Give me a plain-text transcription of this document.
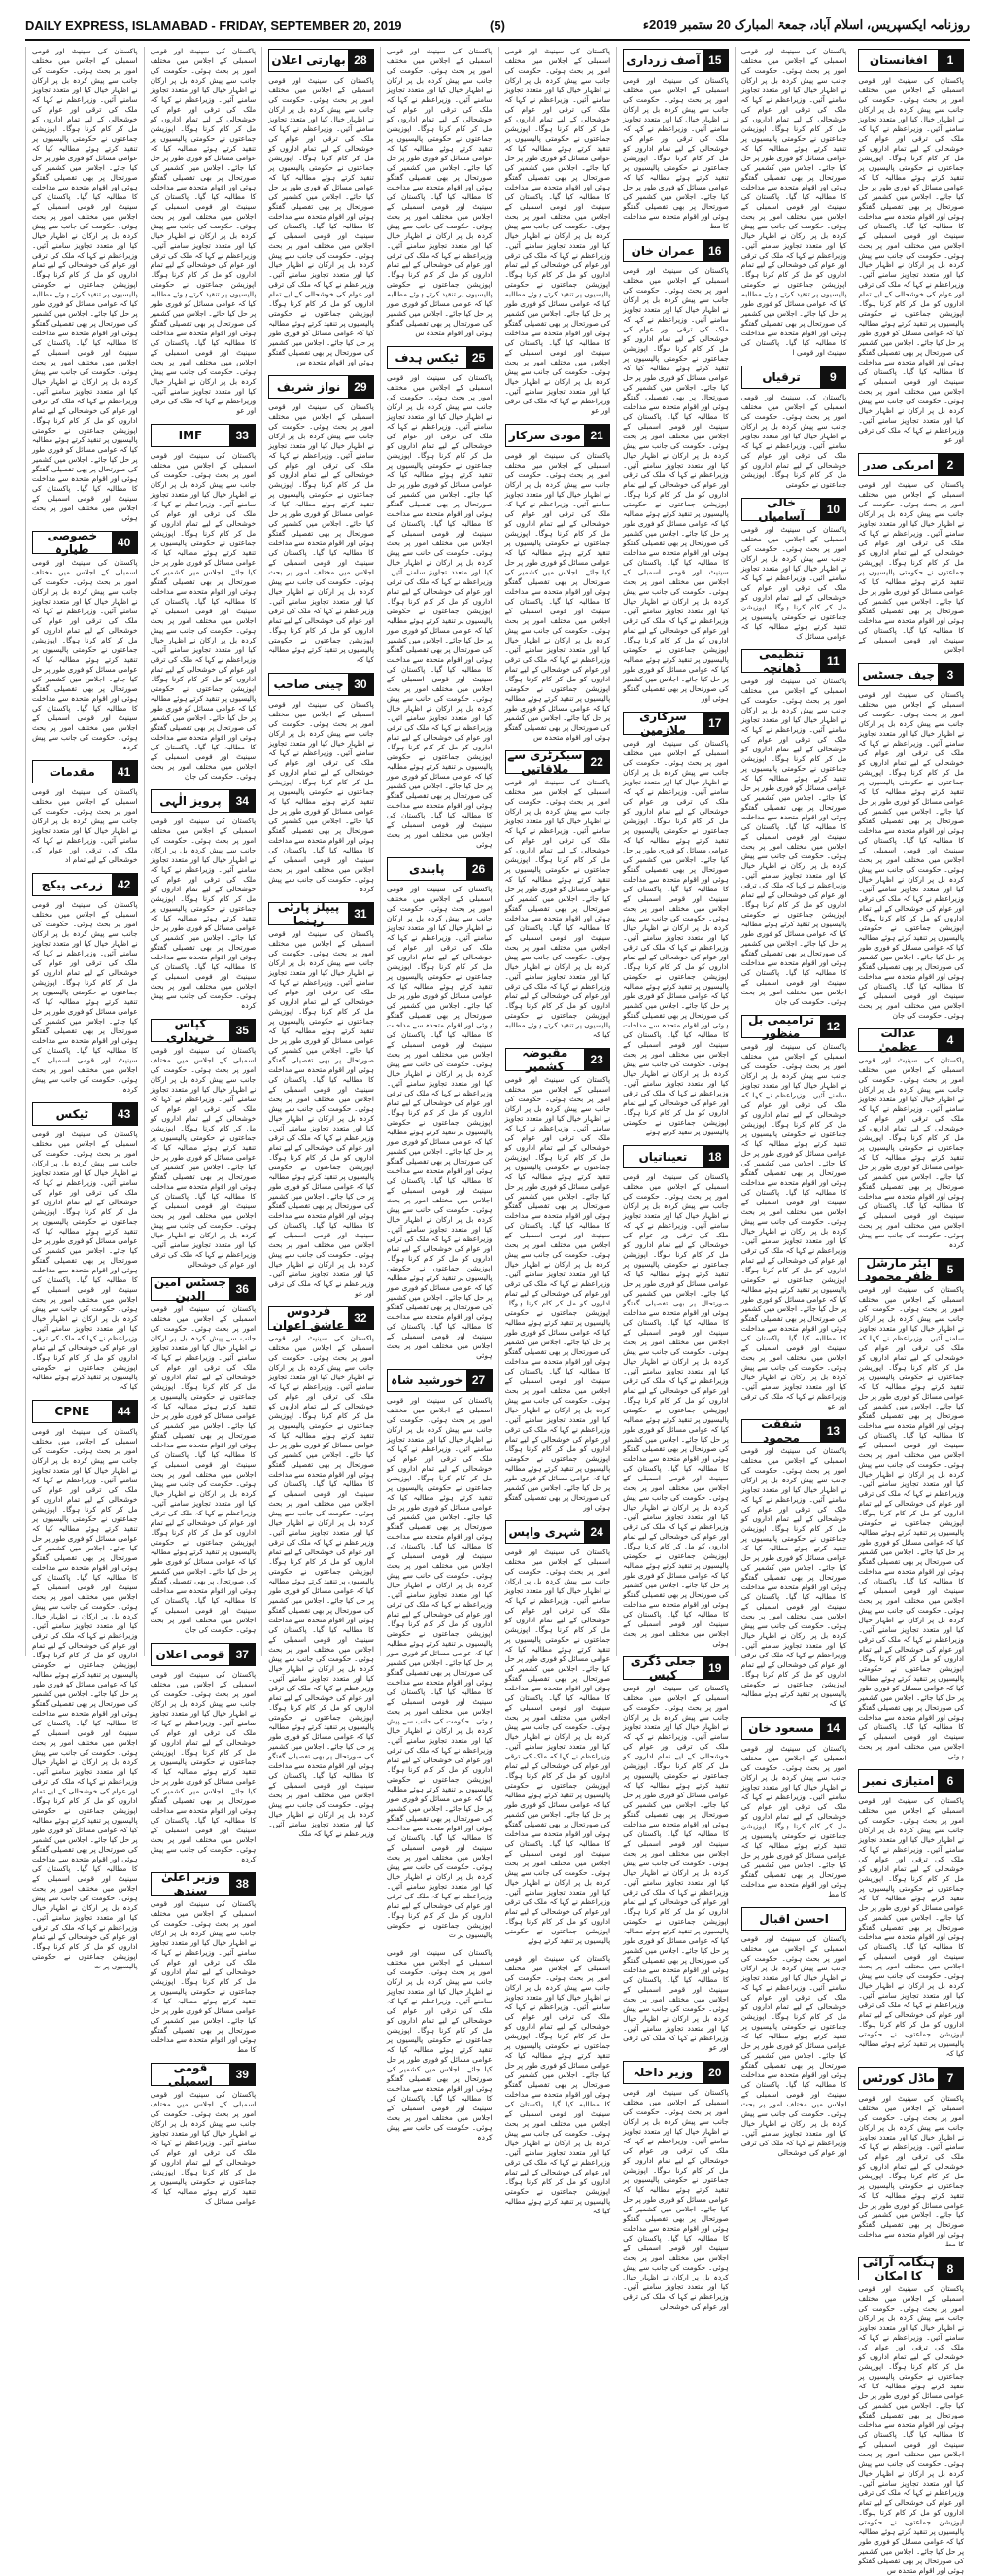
DAILY EXPRESS, ISLAMABAD - FRIDAY, SEPTEMBER 20, 2019	(5)	روزنامہ ایکسپریس، اسلام آباد، جمعۃ المبارک 20 ستمبر 2019ء
1
افغانستان
پاکستان کی سینیٹ اور قومی اسمبلی کے اجلاس میں مختلف امور پر بحث ہوئی۔ حکومت کی جانب سے پیش کردہ بل پر ارکان نے اظہار خیال کیا اور متعدد تجاویز سامنے آئیں۔ وزیراعظم نے کہا کہ ملک کی ترقی اور عوام کی خوشحالی کے لیے تمام اداروں کو مل کر کام کرنا ہوگا۔ اپوزیشن جماعتوں نے حکومتی پالیسیوں پر تنقید کرتے ہوئے مطالبہ کیا کہ عوامی مسائل کو فوری طور پر حل کیا جائے۔ اجلاس میں کشمیر کی صورتحال پر بھی تفصیلی گفتگو ہوئی اور اقوام متحدہ سے مداخلت کا مطالبہ کیا گیا۔ پاکستان کی سینیٹ اور قومی اسمبلی کے اجلاس میں مختلف امور پر بحث ہوئی۔ حکومت کی جانب سے پیش کردہ بل پر ارکان نے اظہار خیال کیا اور متعدد تجاویز سامنے آئیں۔ وزیراعظم نے کہا کہ ملک کی ترقی اور عوام کی خوشحالی کے لیے تمام اداروں کو مل کر کام کرنا ہوگا۔ اپوزیشن جماعتوں نے حکومتی پالیسیوں پر تنقید کرتے ہوئے مطالبہ کیا کہ عوامی مسائل کو فوری طور پر حل کیا جائے۔ اجلاس میں کشمیر کی صورتحال پر بھی تفصیلی گفتگو ہوئی اور اقوام متحدہ سے مداخلت کا مطالبہ کیا گیا۔ پاکستان کی سینیٹ اور قومی اسمبلی کے اجلاس میں مختلف امور پر بحث ہوئی۔ حکومت کی جانب سے پیش کردہ بل پر ارکان نے اظہار خیال کیا اور متعدد تجاویز سامنے آئیں۔ وزیراعظم نے کہا کہ ملک کی ترقی اور عو
2
امریکی صدر
پاکستان کی سینیٹ اور قومی اسمبلی کے اجلاس میں مختلف امور پر بحث ہوئی۔ حکومت کی جانب سے پیش کردہ بل پر ارکان نے اظہار خیال کیا اور متعدد تجاویز سامنے آئیں۔ وزیراعظم نے کہا کہ ملک کی ترقی اور عوام کی خوشحالی کے لیے تمام اداروں کو مل کر کام کرنا ہوگا۔ اپوزیشن جماعتوں نے حکومتی پالیسیوں پر تنقید کرتے ہوئے مطالبہ کیا کہ عوامی مسائل کو فوری طور پر حل کیا جائے۔ اجلاس میں کشمیر کی صورتحال پر بھی تفصیلی گفتگو ہوئی اور اقوام متحدہ سے مداخلت کا مطالبہ کیا گیا۔ پاکستان کی سینیٹ اور قومی اسمبلی کے اجلاس
3
چیف جسٹس
پاکستان کی سینیٹ اور قومی اسمبلی کے اجلاس میں مختلف امور پر بحث ہوئی۔ حکومت کی جانب سے پیش کردہ بل پر ارکان نے اظہار خیال کیا اور متعدد تجاویز سامنے آئیں۔ وزیراعظم نے کہا کہ ملک کی ترقی اور عوام کی خوشحالی کے لیے تمام اداروں کو مل کر کام کرنا ہوگا۔ اپوزیشن جماعتوں نے حکومتی پالیسیوں پر تنقید کرتے ہوئے مطالبہ کیا کہ عوامی مسائل کو فوری طور پر حل کیا جائے۔ اجلاس میں کشمیر کی صورتحال پر بھی تفصیلی گفتگو ہوئی اور اقوام متحدہ سے مداخلت کا مطالبہ کیا گیا۔ پاکستان کی سینیٹ اور قومی اسمبلی کے اجلاس میں مختلف امور پر بحث ہوئی۔ حکومت کی جانب سے پیش کردہ بل پر ارکان نے اظہار خیال کیا اور متعدد تجاویز سامنے آئیں۔ وزیراعظم نے کہا کہ ملک کی ترقی اور عوام کی خوشحالی کے لیے تمام اداروں کو مل کر کام کرنا ہوگا۔ اپوزیشن جماعتوں نے حکومتی پالیسیوں پر تنقید کرتے ہوئے مطالبہ کیا کہ عوامی مسائل کو فوری طور پر حل کیا جائے۔ اجلاس میں کشمیر کی صورتحال پر بھی تفصیلی گفتگو ہوئی اور اقوام متحدہ سے مداخلت کا مطالبہ کیا گیا۔ پاکستان کی سینیٹ اور قومی اسمبلی کے اجلاس میں مختلف امور پر بحث ہوئی۔ حکومت کی جان
4
عدالت عظمیٰ
پاکستان کی سینیٹ اور قومی اسمبلی کے اجلاس میں مختلف امور پر بحث ہوئی۔ حکومت کی جانب سے پیش کردہ بل پر ارکان نے اظہار خیال کیا اور متعدد تجاویز سامنے آئیں۔ وزیراعظم نے کہا کہ ملک کی ترقی اور عوام کی خوشحالی کے لیے تمام اداروں کو مل کر کام کرنا ہوگا۔ اپوزیشن جماعتوں نے حکومتی پالیسیوں پر تنقید کرتے ہوئے مطالبہ کیا کہ عوامی مسائل کو فوری طور پر حل کیا جائے۔ اجلاس میں کشمیر کی صورتحال پر بھی تفصیلی گفتگو ہوئی اور اقوام متحدہ سے مداخلت کا مطالبہ کیا گیا۔ پاکستان کی سینیٹ اور قومی اسمبلی کے اجلاس میں مختلف امور پر بحث ہوئی۔ حکومت کی جانب سے پیش کردہ
5
ایئر مارشل ظفر محمود
پاکستان کی سینیٹ اور قومی اسمبلی کے اجلاس میں مختلف امور پر بحث ہوئی۔ حکومت کی جانب سے پیش کردہ بل پر ارکان نے اظہار خیال کیا اور متعدد تجاویز سامنے آئیں۔ وزیراعظم نے کہا کہ ملک کی ترقی اور عوام کی خوشحالی کے لیے تمام اداروں کو مل کر کام کرنا ہوگا۔ اپوزیشن جماعتوں نے حکومتی پالیسیوں پر تنقید کرتے ہوئے مطالبہ کیا کہ عوامی مسائل کو فوری طور پر حل کیا جائے۔ اجلاس میں کشمیر کی صورتحال پر بھی تفصیلی گفتگو ہوئی اور اقوام متحدہ سے مداخلت کا مطالبہ کیا گیا۔ پاکستان کی سینیٹ اور قومی اسمبلی کے اجلاس میں مختلف امور پر بحث ہوئی۔ حکومت کی جانب سے پیش کردہ بل پر ارکان نے اظہار خیال کیا اور متعدد تجاویز سامنے آئیں۔ وزیراعظم نے کہا کہ ملک کی ترقی اور عوام کی خوشحالی کے لیے تمام اداروں کو مل کر کام کرنا ہوگا۔ اپوزیشن جماعتوں نے حکومتی پالیسیوں پر تنقید کرتے ہوئے مطالبہ کیا کہ عوامی مسائل کو فوری طور پر حل کیا جائے۔ اجلاس میں کشمیر کی صورتحال پر بھی تفصیلی گفتگو ہوئی اور اقوام متحدہ سے مداخلت کا مطالبہ کیا گیا۔ پاکستان کی سینیٹ اور قومی اسمبلی کے اجلاس میں مختلف امور پر بحث ہوئی۔ حکومت کی جانب سے پیش کردہ بل پر ارکان نے اظہار خیال کیا اور متعدد تجاویز سامنے آئیں۔ وزیراعظم نے کہا کہ ملک کی ترقی اور عوام کی خوشحالی کے لیے تمام اداروں کو مل کر کام کرنا ہوگا۔ اپوزیشن جماعتوں نے حکومتی پالیسیوں پر تنقید کرتے ہوئے مطالبہ کیا کہ عوامی مسائل کو فوری طور پر حل کیا جائے۔ اجلاس میں کشمیر کی صورتحال پر بھی تفصیلی گفتگو ہوئی اور اقوام متحدہ سے مداخلت کا مطالبہ کیا گیا۔ پاکستان کی سینیٹ اور قومی اسمبلی کے اجلاس میں مختلف امور پر بحث ہوئی
6
امتیازی نمبر
پاکستان کی سینیٹ اور قومی اسمبلی کے اجلاس میں مختلف امور پر بحث ہوئی۔ حکومت کی جانب سے پیش کردہ بل پر ارکان نے اظہار خیال کیا اور متعدد تجاویز سامنے آئیں۔ وزیراعظم نے کہا کہ ملک کی ترقی اور عوام کی خوشحالی کے لیے تمام اداروں کو مل کر کام کرنا ہوگا۔ اپوزیشن جماعتوں نے حکومتی پالیسیوں پر تنقید کرتے ہوئے مطالبہ کیا کہ عوامی مسائل کو فوری طور پر حل کیا جائے۔ اجلاس میں کشمیر کی صورتحال پر بھی تفصیلی گفتگو ہوئی اور اقوام متحدہ سے مداخلت کا مطالبہ کیا گیا۔ پاکستان کی سینیٹ اور قومی اسمبلی کے اجلاس میں مختلف امور پر بحث ہوئی۔ حکومت کی جانب سے پیش کردہ بل پر ارکان نے اظہار خیال کیا اور متعدد تجاویز سامنے آئیں۔ وزیراعظم نے کہا کہ ملک کی ترقی اور عوام کی خوشحالی کے لیے تمام اداروں کو مل کر کام کرنا ہوگا۔ اپوزیشن جماعتوں نے حکومتی پالیسیوں پر تنقید کرتے ہوئے مطالبہ کیا کہ
7
ماڈل کورٹس
پاکستان کی سینیٹ اور قومی اسمبلی کے اجلاس میں مختلف امور پر بحث ہوئی۔ حکومت کی جانب سے پیش کردہ بل پر ارکان نے اظہار خیال کیا اور متعدد تجاویز سامنے آئیں۔ وزیراعظم نے کہا کہ ملک کی ترقی اور عوام کی خوشحالی کے لیے تمام اداروں کو مل کر کام کرنا ہوگا۔ اپوزیشن جماعتوں نے حکومتی پالیسیوں پر تنقید کرتے ہوئے مطالبہ کیا کہ عوامی مسائل کو فوری طور پر حل کیا جائے۔ اجلاس میں کشمیر کی صورتحال پر بھی تفصیلی گفتگو ہوئی اور اقوام متحدہ سے مداخلت کا مط
8
ہنگامہ آرائی کا امکان
پاکستان کی سینیٹ اور قومی اسمبلی کے اجلاس میں مختلف امور پر بحث ہوئی۔ حکومت کی جانب سے پیش کردہ بل پر ارکان نے اظہار خیال کیا اور متعدد تجاویز سامنے آئیں۔ وزیراعظم نے کہا کہ ملک کی ترقی اور عوام کی خوشحالی کے لیے تمام اداروں کو مل کر کام کرنا ہوگا۔ اپوزیشن جماعتوں نے حکومتی پالیسیوں پر تنقید کرتے ہوئے مطالبہ کیا کہ عوامی مسائل کو فوری طور پر حل کیا جائے۔ اجلاس میں کشمیر کی صورتحال پر بھی تفصیلی گفتگو ہوئی اور اقوام متحدہ سے مداخلت کا مطالبہ کیا گیا۔ پاکستان کی سینیٹ اور قومی اسمبلی کے اجلاس میں مختلف امور پر بحث ہوئی۔ حکومت کی جانب سے پیش کردہ بل پر ارکان نے اظہار خیال کیا اور متعدد تجاویز سامنے آئیں۔ وزیراعظم نے کہا کہ ملک کی ترقی اور عوام کی خوشحالی کے لیے تمام اداروں کو مل کر کام کرنا ہوگا۔ اپوزیشن جماعتوں نے حکومتی پالیسیوں پر تنقید کرتے ہوئے مطالبہ کیا کہ عوامی مسائل کو فوری طور پر حل کیا جائے۔ اجلاس میں کشمیر کی صورتحال پر بھی تفصیلی گفتگو ہوئی اور اقوام متحدہ س
پاکستان کی سینیٹ اور قومی اسمبلی کے اجلاس میں مختلف امور پر بحث ہوئی۔ حکومت کی جانب سے پیش کردہ بل پر ارکان نے اظہار خیال کیا اور متعدد تجاویز سامنے آئیں۔ وزیراعظم نے کہا کہ ملک کی ترقی اور عوام کی خوشحالی کے لیے تمام اداروں کو مل کر کام کرنا ہوگا۔ اپوزیشن جماعتوں نے حکومتی پالیسیوں پر تنقید کرتے ہوئے مطالبہ کیا کہ عوامی مسائل کو فوری طور پر حل کیا جائے۔ اجلاس میں کشمیر کی صورتحال پر بھی تفصیلی گفتگو ہوئی اور اقوام متحدہ سے مداخلت کا مطالبہ کیا گیا۔ پاکستان کی سینیٹ اور قومی اسمبلی کے اجلاس میں مختلف امور پر بحث ہوئی۔ حکومت کی جانب سے پیش کردہ بل پر ارکان نے اظہار خیال کیا اور متعدد تجاویز سامنے آئیں۔ وزیراعظم نے کہا کہ ملک کی ترقی اور عوام کی خوشحالی کے لیے تمام اداروں کو مل کر کام کرنا ہوگا۔ اپوزیشن جماعتوں نے حکومتی پالیسیوں پر تنقید کرتے ہوئے مطالبہ کیا کہ عوامی مسائل کو فوری طور پر حل کیا جائے۔ اجلاس میں کشمیر کی صورتحال پر بھی تفصیلی گفتگو ہوئی اور اقوام متحدہ سے مداخلت کا مطالبہ کیا گیا۔ پاکستان کی سینیٹ اور قومی ا
9
ترقیاں
پاکستان کی سینیٹ اور قومی اسمبلی کے اجلاس میں مختلف امور پر بحث ہوئی۔ حکومت کی جانب سے پیش کردہ بل پر ارکان نے اظہار خیال کیا اور متعدد تجاویز سامنے آئیں۔ وزیراعظم نے کہا کہ ملک کی ترقی اور عوام کی خوشحالی کے لیے تمام اداروں کو مل کر کام کرنا ہوگا۔ اپوزیشن جماعتوں نے حکومتی
10
خالی آسامیاں
پاکستان کی سینیٹ اور قومی اسمبلی کے اجلاس میں مختلف امور پر بحث ہوئی۔ حکومت کی جانب سے پیش کردہ بل پر ارکان نے اظہار خیال کیا اور متعدد تجاویز سامنے آئیں۔ وزیراعظم نے کہا کہ ملک کی ترقی اور عوام کی خوشحالی کے لیے تمام اداروں کو مل کر کام کرنا ہوگا۔ اپوزیشن جماعتوں نے حکومتی پالیسیوں پر تنقید کرتے ہوئے مطالبہ کیا کہ عوامی مسائل ک
11
تنظیمی ڈھانچہ
پاکستان کی سینیٹ اور قومی اسمبلی کے اجلاس میں مختلف امور پر بحث ہوئی۔ حکومت کی جانب سے پیش کردہ بل پر ارکان نے اظہار خیال کیا اور متعدد تجاویز سامنے آئیں۔ وزیراعظم نے کہا کہ ملک کی ترقی اور عوام کی خوشحالی کے لیے تمام اداروں کو مل کر کام کرنا ہوگا۔ اپوزیشن جماعتوں نے حکومتی پالیسیوں پر تنقید کرتے ہوئے مطالبہ کیا کہ عوامی مسائل کو فوری طور پر حل کیا جائے۔ اجلاس میں کشمیر کی صورتحال پر بھی تفصیلی گفتگو ہوئی اور اقوام متحدہ سے مداخلت کا مطالبہ کیا گیا۔ پاکستان کی سینیٹ اور قومی اسمبلی کے اجلاس میں مختلف امور پر بحث ہوئی۔ حکومت کی جانب سے پیش کردہ بل پر ارکان نے اظہار خیال کیا اور متعدد تجاویز سامنے آئیں۔ وزیراعظم نے کہا کہ ملک کی ترقی اور عوام کی خوشحالی کے لیے تمام اداروں کو مل کر کام کرنا ہوگا۔ اپوزیشن جماعتوں نے حکومتی پالیسیوں پر تنقید کرتے ہوئے مطالبہ کیا کہ عوامی مسائل کو فوری طور پر حل کیا جائے۔ اجلاس میں کشمیر کی صورتحال پر بھی تفصیلی گفتگو ہوئی اور اقوام متحدہ سے مداخلت کا مطالبہ کیا گیا۔ پاکستان کی سینیٹ اور قومی اسمبلی کے اجلاس میں مختلف امور پر بحث ہوئی۔ حکومت کی جان
12
ترامیمی بل منظور
پاکستان کی سینیٹ اور قومی اسمبلی کے اجلاس میں مختلف امور پر بحث ہوئی۔ حکومت کی جانب سے پیش کردہ بل پر ارکان نے اظہار خیال کیا اور متعدد تجاویز سامنے آئیں۔ وزیراعظم نے کہا کہ ملک کی ترقی اور عوام کی خوشحالی کے لیے تمام اداروں کو مل کر کام کرنا ہوگا۔ اپوزیشن جماعتوں نے حکومتی پالیسیوں پر تنقید کرتے ہوئے مطالبہ کیا کہ عوامی مسائل کو فوری طور پر حل کیا جائے۔ اجلاس میں کشمیر کی صورتحال پر بھی تفصیلی گفتگو ہوئی اور اقوام متحدہ سے مداخلت کا مطالبہ کیا گیا۔ پاکستان کی سینیٹ اور قومی اسمبلی کے اجلاس میں مختلف امور پر بحث ہوئی۔ حکومت کی جانب سے پیش کردہ بل پر ارکان نے اظہار خیال کیا اور متعدد تجاویز سامنے آئیں۔ وزیراعظم نے کہا کہ ملک کی ترقی اور عوام کی خوشحالی کے لیے تمام اداروں کو مل کر کام کرنا ہوگا۔ اپوزیشن جماعتوں نے حکومتی پالیسیوں پر تنقید کرتے ہوئے مطالبہ کیا کہ عوامی مسائل کو فوری طور پر حل کیا جائے۔ اجلاس میں کشمیر کی صورتحال پر بھی تفصیلی گفتگو ہوئی اور اقوام متحدہ سے مداخلت کا مطالبہ کیا گیا۔ پاکستان کی سینیٹ اور قومی اسمبلی کے اجلاس میں مختلف امور پر بحث ہوئی۔ حکومت کی جانب سے پیش کردہ بل پر ارکان نے اظہار خیال کیا اور متعدد تجاویز سامنے آئیں۔ وزیراعظم نے کہا کہ ملک کی ترقی اور عو
13
شفقت محمود
پاکستان کی سینیٹ اور قومی اسمبلی کے اجلاس میں مختلف امور پر بحث ہوئی۔ حکومت کی جانب سے پیش کردہ بل پر ارکان نے اظہار خیال کیا اور متعدد تجاویز سامنے آئیں۔ وزیراعظم نے کہا کہ ملک کی ترقی اور عوام کی خوشحالی کے لیے تمام اداروں کو مل کر کام کرنا ہوگا۔ اپوزیشن جماعتوں نے حکومتی پالیسیوں پر تنقید کرتے ہوئے مطالبہ کیا کہ عوامی مسائل کو فوری طور پر حل کیا جائے۔ اجلاس میں کشمیر کی صورتحال پر بھی تفصیلی گفتگو ہوئی اور اقوام متحدہ سے مداخلت کا مطالبہ کیا گیا۔ پاکستان کی سینیٹ اور قومی اسمبلی کے اجلاس میں مختلف امور پر بحث ہوئی۔ حکومت کی جانب سے پیش کردہ بل پر ارکان نے اظہار خیال کیا اور متعدد تجاویز سامنے آئیں۔ وزیراعظم نے کہا کہ ملک کی ترقی اور عوام کی خوشحالی کے لیے تمام اداروں کو مل کر کام کرنا ہوگا۔ اپوزیشن جماعتوں نے حکومتی پالیسیوں پر تنقید کرتے ہوئے مطالبہ کیا کہ
14
مسعود خان
پاکستان کی سینیٹ اور قومی اسمبلی کے اجلاس میں مختلف امور پر بحث ہوئی۔ حکومت کی جانب سے پیش کردہ بل پر ارکان نے اظہار خیال کیا اور متعدد تجاویز سامنے آئیں۔ وزیراعظم نے کہا کہ ملک کی ترقی اور عوام کی خوشحالی کے لیے تمام اداروں کو مل کر کام کرنا ہوگا۔ اپوزیشن جماعتوں نے حکومتی پالیسیوں پر تنقید کرتے ہوئے مطالبہ کیا کہ عوامی مسائل کو فوری طور پر حل کیا جائے۔ اجلاس میں کشمیر کی صورتحال پر بھی تفصیلی گفتگو ہوئی اور اقوام متحدہ سے مداخلت کا مط
احسن اقبال
پاکستان کی سینیٹ اور قومی اسمبلی کے اجلاس میں مختلف امور پر بحث ہوئی۔ حکومت کی جانب سے پیش کردہ بل پر ارکان نے اظہار خیال کیا اور متعدد تجاویز سامنے آئیں۔ وزیراعظم نے کہا کہ ملک کی ترقی اور عوام کی خوشحالی کے لیے تمام اداروں کو مل کر کام کرنا ہوگا۔ اپوزیشن جماعتوں نے حکومتی پالیسیوں پر تنقید کرتے ہوئے مطالبہ کیا کہ عوامی مسائل کو فوری طور پر حل کیا جائے۔ اجلاس میں کشمیر کی صورتحال پر بھی تفصیلی گفتگو ہوئی اور اقوام متحدہ سے مداخلت کا مطالبہ کیا گیا۔ پاکستان کی سینیٹ اور قومی اسمبلی کے اجلاس میں مختلف امور پر بحث ہوئی۔ حکومت کی جانب سے پیش کردہ بل پر ارکان نے اظہار خیال کیا اور متعدد تجاویز سامنے آئیں۔ وزیراعظم نے کہا کہ ملک کی ترقی اور عوام کی خوشحالی
15
آصف زرداری
پاکستان کی سینیٹ اور قومی اسمبلی کے اجلاس میں مختلف امور پر بحث ہوئی۔ حکومت کی جانب سے پیش کردہ بل پر ارکان نے اظہار خیال کیا اور متعدد تجاویز سامنے آئیں۔ وزیراعظم نے کہا کہ ملک کی ترقی اور عوام کی خوشحالی کے لیے تمام اداروں کو مل کر کام کرنا ہوگا۔ اپوزیشن جماعتوں نے حکومتی پالیسیوں پر تنقید کرتے ہوئے مطالبہ کیا کہ عوامی مسائل کو فوری طور پر حل کیا جائے۔ اجلاس میں کشمیر کی صورتحال پر بھی تفصیلی گفتگو ہوئی اور اقوام متحدہ سے مداخلت کا مط
16
عمران خان
پاکستان کی سینیٹ اور قومی اسمبلی کے اجلاس میں مختلف امور پر بحث ہوئی۔ حکومت کی جانب سے پیش کردہ بل پر ارکان نے اظہار خیال کیا اور متعدد تجاویز سامنے آئیں۔ وزیراعظم نے کہا کہ ملک کی ترقی اور عوام کی خوشحالی کے لیے تمام اداروں کو مل کر کام کرنا ہوگا۔ اپوزیشن جماعتوں نے حکومتی پالیسیوں پر تنقید کرتے ہوئے مطالبہ کیا کہ عوامی مسائل کو فوری طور پر حل کیا جائے۔ اجلاس میں کشمیر کی صورتحال پر بھی تفصیلی گفتگو ہوئی اور اقوام متحدہ سے مداخلت کا مطالبہ کیا گیا۔ پاکستان کی سینیٹ اور قومی اسمبلی کے اجلاس میں مختلف امور پر بحث ہوئی۔ حکومت کی جانب سے پیش کردہ بل پر ارکان نے اظہار خیال کیا اور متعدد تجاویز سامنے آئیں۔ وزیراعظم نے کہا کہ ملک کی ترقی اور عوام کی خوشحالی کے لیے تمام اداروں کو مل کر کام کرنا ہوگا۔ اپوزیشن جماعتوں نے حکومتی پالیسیوں پر تنقید کرتے ہوئے مطالبہ کیا کہ عوامی مسائل کو فوری طور پر حل کیا جائے۔ اجلاس میں کشمیر کی صورتحال پر بھی تفصیلی گفتگو ہوئی اور اقوام متحدہ سے مداخلت کا مطالبہ کیا گیا۔ پاکستان کی سینیٹ اور قومی اسمبلی کے اجلاس میں مختلف امور پر بحث ہوئی۔ حکومت کی جانب سے پیش کردہ بل پر ارکان نے اظہار خیال کیا اور متعدد تجاویز سامنے آئیں۔ وزیراعظم نے کہا کہ ملک کی ترقی اور عوام کی خوشحالی کے لیے تمام اداروں کو مل کر کام کرنا ہوگا۔ اپوزیشن جماعتوں نے حکومتی پالیسیوں پر تنقید کرتے ہوئے مطالبہ کیا کہ عوامی مسائل کو فوری طور پر حل کیا جائے۔ اجلاس میں کشمیر کی صورتحال پر بھی تفصیلی گفتگو ہوئی اور
17
سرکاری ملازمین
پاکستان کی سینیٹ اور قومی اسمبلی کے اجلاس میں مختلف امور پر بحث ہوئی۔ حکومت کی جانب سے پیش کردہ بل پر ارکان نے اظہار خیال کیا اور متعدد تجاویز سامنے آئیں۔ وزیراعظم نے کہا کہ ملک کی ترقی اور عوام کی خوشحالی کے لیے تمام اداروں کو مل کر کام کرنا ہوگا۔ اپوزیشن جماعتوں نے حکومتی پالیسیوں پر تنقید کرتے ہوئے مطالبہ کیا کہ عوامی مسائل کو فوری طور پر حل کیا جائے۔ اجلاس میں کشمیر کی صورتحال پر بھی تفصیلی گفتگو ہوئی اور اقوام متحدہ سے مداخلت کا مطالبہ کیا گیا۔ پاکستان کی سینیٹ اور قومی اسمبلی کے اجلاس میں مختلف امور پر بحث ہوئی۔ حکومت کی جانب سے پیش کردہ بل پر ارکان نے اظہار خیال کیا اور متعدد تجاویز سامنے آئیں۔ وزیراعظم نے کہا کہ ملک کی ترقی اور عوام کی خوشحالی کے لیے تمام اداروں کو مل کر کام کرنا ہوگا۔ اپوزیشن جماعتوں نے حکومتی پالیسیوں پر تنقید کرتے ہوئے مطالبہ کیا کہ عوامی مسائل کو فوری طور پر حل کیا جائے۔ اجلاس میں کشمیر کی صورتحال پر بھی تفصیلی گفتگو ہوئی اور اقوام متحدہ سے مداخلت کا مطالبہ کیا گیا۔ پاکستان کی سینیٹ اور قومی اسمبلی کے اجلاس میں مختلف امور پر بحث ہوئی۔ حکومت کی جانب سے پیش کردہ بل پر ارکان نے اظہار خیال کیا اور متعدد تجاویز سامنے آئیں۔ وزیراعظم نے کہا کہ ملک کی ترقی اور عوام کی خوشحالی کے لیے تمام اداروں کو مل کر کام کرنا ہوگا۔ اپوزیشن جماعتوں نے حکومتی پالیسیوں پر تنقید کرتے ہوئے
18
تعیناتیاں
پاکستان کی سینیٹ اور قومی اسمبلی کے اجلاس میں مختلف امور پر بحث ہوئی۔ حکومت کی جانب سے پیش کردہ بل پر ارکان نے اظہار خیال کیا اور متعدد تجاویز سامنے آئیں۔ وزیراعظم نے کہا کہ ملک کی ترقی اور عوام کی خوشحالی کے لیے تمام اداروں کو مل کر کام کرنا ہوگا۔ اپوزیشن جماعتوں نے حکومتی پالیسیوں پر تنقید کرتے ہوئے مطالبہ کیا کہ عوامی مسائل کو فوری طور پر حل کیا جائے۔ اجلاس میں کشمیر کی صورتحال پر بھی تفصیلی گفتگو ہوئی اور اقوام متحدہ سے مداخلت کا مطالبہ کیا گیا۔ پاکستان کی سینیٹ اور قومی اسمبلی کے اجلاس میں مختلف امور پر بحث ہوئی۔ حکومت کی جانب سے پیش کردہ بل پر ارکان نے اظہار خیال کیا اور متعدد تجاویز سامنے آئیں۔ وزیراعظم نے کہا کہ ملک کی ترقی اور عوام کی خوشحالی کے لیے تمام اداروں کو مل کر کام کرنا ہوگا۔ اپوزیشن جماعتوں نے حکومتی پالیسیوں پر تنقید کرتے ہوئے مطالبہ کیا کہ عوامی مسائل کو فوری طور پر حل کیا جائے۔ اجلاس میں کشمیر کی صورتحال پر بھی تفصیلی گفتگو ہوئی اور اقوام متحدہ سے مداخلت کا مطالبہ کیا گیا۔ پاکستان کی سینیٹ اور قومی اسمبلی کے اجلاس میں مختلف امور پر بحث ہوئی۔ حکومت کی جانب سے پیش کردہ بل پر ارکان نے اظہار خیال کیا اور متعدد تجاویز سامنے آئیں۔ وزیراعظم نے کہا کہ ملک کی ترقی اور عوام کی خوشحالی کے لیے تمام اداروں کو مل کر کام کرنا ہوگا۔ اپوزیشن جماعتوں نے حکومتی پالیسیوں پر تنقید کرتے ہوئے مطالبہ کیا کہ عوامی مسائل کو فوری طور پر حل کیا جائے۔ اجلاس میں کشمیر کی صورتحال پر بھی تفصیلی گفتگو ہوئی اور اقوام متحدہ سے مداخلت کا مطالبہ کیا گیا۔ پاکستان کی سینیٹ اور قومی اسمبلی کے اجلاس میں مختلف امور پر بحث ہوئی
19
جعلی ڈگری کیس
پاکستان کی سینیٹ اور قومی اسمبلی کے اجلاس میں مختلف امور پر بحث ہوئی۔ حکومت کی جانب سے پیش کردہ بل پر ارکان نے اظہار خیال کیا اور متعدد تجاویز سامنے آئیں۔ وزیراعظم نے کہا کہ ملک کی ترقی اور عوام کی خوشحالی کے لیے تمام اداروں کو مل کر کام کرنا ہوگا۔ اپوزیشن جماعتوں نے حکومتی پالیسیوں پر تنقید کرتے ہوئے مطالبہ کیا کہ عوامی مسائل کو فوری طور پر حل کیا جائے۔ اجلاس میں کشمیر کی صورتحال پر بھی تفصیلی گفتگو ہوئی اور اقوام متحدہ سے مداخلت کا مطالبہ کیا گیا۔ پاکستان کی سینیٹ اور قومی اسمبلی کے اجلاس میں مختلف امور پر بحث ہوئی۔ حکومت کی جانب سے پیش کردہ بل پر ارکان نے اظہار خیال کیا اور متعدد تجاویز سامنے آئیں۔ وزیراعظم نے کہا کہ ملک کی ترقی اور عوام کی خوشحالی کے لیے تمام اداروں کو مل کر کام کرنا ہوگا۔ اپوزیشن جماعتوں نے حکومتی پالیسیوں پر تنقید کرتے ہوئے مطالبہ کیا کہ عوامی مسائل کو فوری طور پر حل کیا جائے۔ اجلاس میں کشمیر کی صورتحال پر بھی تفصیلی گفتگو ہوئی اور اقوام متحدہ سے مداخلت کا مطالبہ کیا گیا۔ پاکستان کی سینیٹ اور قومی اسمبلی کے اجلاس میں مختلف امور پر بحث ہوئی۔ حکومت کی جانب سے پیش کردہ بل پر ارکان نے اظہار خیال کیا اور متعدد تجاویز سامنے آئیں۔ وزیراعظم نے کہا کہ ملک کی ترقی اور عو
20
وزیر داخلہ
پاکستان کی سینیٹ اور قومی اسمبلی کے اجلاس میں مختلف امور پر بحث ہوئی۔ حکومت کی جانب سے پیش کردہ بل پر ارکان نے اظہار خیال کیا اور متعدد تجاویز سامنے آئیں۔ وزیراعظم نے کہا کہ ملک کی ترقی اور عوام کی خوشحالی کے لیے تمام اداروں کو مل کر کام کرنا ہوگا۔ اپوزیشن جماعتوں نے حکومتی پالیسیوں پر تنقید کرتے ہوئے مطالبہ کیا کہ عوامی مسائل کو فوری طور پر حل کیا جائے۔ اجلاس میں کشمیر کی صورتحال پر بھی تفصیلی گفتگو ہوئی اور اقوام متحدہ سے مداخلت کا مطالبہ کیا گیا۔ پاکستان کی سینیٹ اور قومی اسمبلی کے اجلاس میں مختلف امور پر بحث ہوئی۔ حکومت کی جانب سے پیش کردہ بل پر ارکان نے اظہار خیال کیا اور متعدد تجاویز سامنے آئیں۔ وزیراعظم نے کہا کہ ملک کی ترقی اور عوام کی خوشحالی
پاکستان کی سینیٹ اور قومی اسمبلی کے اجلاس میں مختلف امور پر بحث ہوئی۔ حکومت کی جانب سے پیش کردہ بل پر ارکان نے اظہار خیال کیا اور متعدد تجاویز سامنے آئیں۔ وزیراعظم نے کہا کہ ملک کی ترقی اور عوام کی خوشحالی کے لیے تمام اداروں کو مل کر کام کرنا ہوگا۔ اپوزیشن جماعتوں نے حکومتی پالیسیوں پر تنقید کرتے ہوئے مطالبہ کیا کہ عوامی مسائل کو فوری طور پر حل کیا جائے۔ اجلاس میں کشمیر کی صورتحال پر بھی تفصیلی گفتگو ہوئی اور اقوام متحدہ سے مداخلت کا مطالبہ کیا گیا۔ پاکستان کی سینیٹ اور قومی اسمبلی کے اجلاس میں مختلف امور پر بحث ہوئی۔ حکومت کی جانب سے پیش کردہ بل پر ارکان نے اظہار خیال کیا اور متعدد تجاویز سامنے آئیں۔ وزیراعظم نے کہا کہ ملک کی ترقی اور عوام کی خوشحالی کے لیے تمام اداروں کو مل کر کام کرنا ہوگا۔ اپوزیشن جماعتوں نے حکومتی پالیسیوں پر تنقید کرتے ہوئے مطالبہ کیا کہ عوامی مسائل کو فوری طور پر حل کیا جائے۔ اجلاس میں کشمیر کی صورتحال پر بھی تفصیلی گفتگو ہوئی اور اقوام متحدہ سے مداخلت کا مطالبہ کیا گیا۔ پاکستان کی سینیٹ اور قومی اسمبلی کے اجلاس میں مختلف امور پر بحث ہوئی۔ حکومت کی جانب سے پیش کردہ بل پر ارکان نے اظہار خیال کیا اور متعدد تجاویز سامنے آئیں۔ وزیراعظم نے کہا کہ ملک کی ترقی اور عو
21
مودی سرکار
پاکستان کی سینیٹ اور قومی اسمبلی کے اجلاس میں مختلف امور پر بحث ہوئی۔ حکومت کی جانب سے پیش کردہ بل پر ارکان نے اظہار خیال کیا اور متعدد تجاویز سامنے آئیں۔ وزیراعظم نے کہا کہ ملک کی ترقی اور عوام کی خوشحالی کے لیے تمام اداروں کو مل کر کام کرنا ہوگا۔ اپوزیشن جماعتوں نے حکومتی پالیسیوں پر تنقید کرتے ہوئے مطالبہ کیا کہ عوامی مسائل کو فوری طور پر حل کیا جائے۔ اجلاس میں کشمیر کی صورتحال پر بھی تفصیلی گفتگو ہوئی اور اقوام متحدہ سے مداخلت کا مطالبہ کیا گیا۔ پاکستان کی سینیٹ اور قومی اسمبلی کے اجلاس میں مختلف امور پر بحث ہوئی۔ حکومت کی جانب سے پیش کردہ بل پر ارکان نے اظہار خیال کیا اور متعدد تجاویز سامنے آئیں۔ وزیراعظم نے کہا کہ ملک کی ترقی اور عوام کی خوشحالی کے لیے تمام اداروں کو مل کر کام کرنا ہوگا۔ اپوزیشن جماعتوں نے حکومتی پالیسیوں پر تنقید کرتے ہوئے مطالبہ کیا کہ عوامی مسائل کو فوری طور پر حل کیا جائے۔ اجلاس میں کشمیر کی صورتحال پر بھی تفصیلی گفتگو ہوئی اور اقوام متحدہ س
22
سیکرٹری سے ملاقاتیں
پاکستان کی سینیٹ اور قومی اسمبلی کے اجلاس میں مختلف امور پر بحث ہوئی۔ حکومت کی جانب سے پیش کردہ بل پر ارکان نے اظہار خیال کیا اور متعدد تجاویز سامنے آئیں۔ وزیراعظم نے کہا کہ ملک کی ترقی اور عوام کی خوشحالی کے لیے تمام اداروں کو مل کر کام کرنا ہوگا۔ اپوزیشن جماعتوں نے حکومتی پالیسیوں پر تنقید کرتے ہوئے مطالبہ کیا کہ عوامی مسائل کو فوری طور پر حل کیا جائے۔ اجلاس میں کشمیر کی صورتحال پر بھی تفصیلی گفتگو ہوئی اور اقوام متحدہ سے مداخلت کا مطالبہ کیا گیا۔ پاکستان کی سینیٹ اور قومی اسمبلی کے اجلاس میں مختلف امور پر بحث ہوئی۔ حکومت کی جانب سے پیش کردہ بل پر ارکان نے اظہار خیال کیا اور متعدد تجاویز سامنے آئیں۔ وزیراعظم نے کہا کہ ملک کی ترقی اور عوام کی خوشحالی کے لیے تمام اداروں کو مل کر کام کرنا ہوگا۔ اپوزیشن جماعتوں نے حکومتی پالیسیوں پر تنقید کرتے ہوئے مطالبہ کیا کہ
23
مقبوضہ کشمیر
پاکستان کی سینیٹ اور قومی اسمبلی کے اجلاس میں مختلف امور پر بحث ہوئی۔ حکومت کی جانب سے پیش کردہ بل پر ارکان نے اظہار خیال کیا اور متعدد تجاویز سامنے آئیں۔ وزیراعظم نے کہا کہ ملک کی ترقی اور عوام کی خوشحالی کے لیے تمام اداروں کو مل کر کام کرنا ہوگا۔ اپوزیشن جماعتوں نے حکومتی پالیسیوں پر تنقید کرتے ہوئے مطالبہ کیا کہ عوامی مسائل کو فوری طور پر حل کیا جائے۔ اجلاس میں کشمیر کی صورتحال پر بھی تفصیلی گفتگو ہوئی اور اقوام متحدہ سے مداخلت کا مطالبہ کیا گیا۔ پاکستان کی سینیٹ اور قومی اسمبلی کے اجلاس میں مختلف امور پر بحث ہوئی۔ حکومت کی جانب سے پیش کردہ بل پر ارکان نے اظہار خیال کیا اور متعدد تجاویز سامنے آئیں۔ وزیراعظم نے کہا کہ ملک کی ترقی اور عوام کی خوشحالی کے لیے تمام اداروں کو مل کر کام کرنا ہوگا۔ اپوزیشن جماعتوں نے حکومتی پالیسیوں پر تنقید کرتے ہوئے مطالبہ کیا کہ عوامی مسائل کو فوری طور پر حل کیا جائے۔ اجلاس میں کشمیر کی صورتحال پر بھی تفصیلی گفتگو ہوئی اور اقوام متحدہ سے مداخلت کا مطالبہ کیا گیا۔ پاکستان کی سینیٹ اور قومی اسمبلی کے اجلاس میں مختلف امور پر بحث ہوئی۔ حکومت کی جانب سے پیش کردہ بل پر ارکان نے اظہار خیال کیا اور متعدد تجاویز سامنے آئیں۔ وزیراعظم نے کہا کہ ملک کی ترقی اور عوام کی خوشحالی کے لیے تمام اداروں کو مل کر کام کرنا ہوگا۔ اپوزیشن جماعتوں نے حکومتی پالیسیوں پر تنقید کرتے ہوئے مطالبہ کیا کہ عوامی مسائل کو فوری طور پر حل کیا جائے۔ اجلاس میں کشمیر کی صورتحال پر بھی تفصیلی گفتگو ہوئی اور
24
شہری واپس
پاکستان کی سینیٹ اور قومی اسمبلی کے اجلاس میں مختلف امور پر بحث ہوئی۔ حکومت کی جانب سے پیش کردہ بل پر ارکان نے اظہار خیال کیا اور متعدد تجاویز سامنے آئیں۔ وزیراعظم نے کہا کہ ملک کی ترقی اور عوام کی خوشحالی کے لیے تمام اداروں کو مل کر کام کرنا ہوگا۔ اپوزیشن جماعتوں نے حکومتی پالیسیوں پر تنقید کرتے ہوئے مطالبہ کیا کہ عوامی مسائل کو فوری طور پر حل کیا جائے۔ اجلاس میں کشمیر کی صورتحال پر بھی تفصیلی گفتگو ہوئی اور اقوام متحدہ سے مداخلت کا مطالبہ کیا گیا۔ پاکستان کی سینیٹ اور قومی اسمبلی کے اجلاس میں مختلف امور پر بحث ہوئی۔ حکومت کی جانب سے پیش کردہ بل پر ارکان نے اظہار خیال کیا اور متعدد تجاویز سامنے آئیں۔ وزیراعظم نے کہا کہ ملک کی ترقی اور عوام کی خوشحالی کے لیے تمام اداروں کو مل کر کام کرنا ہوگا۔ اپوزیشن جماعتوں نے حکومتی پالیسیوں پر تنقید کرتے ہوئے مطالبہ کیا کہ عوامی مسائل کو فوری طور پر حل کیا جائے۔ اجلاس میں کشمیر کی صورتحال پر بھی تفصیلی گفتگو ہوئی اور اقوام متحدہ سے مداخلت کا مطالبہ کیا گیا۔ پاکستان کی سینیٹ اور قومی اسمبلی کے اجلاس میں مختلف امور پر بحث ہوئی۔ حکومت کی جانب سے پیش کردہ بل پر ارکان نے اظہار خیال کیا اور متعدد تجاویز سامنے آئیں۔ وزیراعظم نے کہا کہ ملک کی ترقی اور عوام کی خوشحالی کے لیے تمام اداروں کو مل کر کام کرنا ہوگا۔ اپوزیشن جماعتوں نے حکومتی پالیسیوں پر تنقید کرتے ہوئے
پاکستان کی سینیٹ اور قومی اسمبلی کے اجلاس میں مختلف امور پر بحث ہوئی۔ حکومت کی جانب سے پیش کردہ بل پر ارکان نے اظہار خیال کیا اور متعدد تجاویز سامنے آئیں۔ وزیراعظم نے کہا کہ ملک کی ترقی اور عوام کی خوشحالی کے لیے تمام اداروں کو مل کر کام کرنا ہوگا۔ اپوزیشن جماعتوں نے حکومتی پالیسیوں پر تنقید کرتے ہوئے مطالبہ کیا کہ عوامی مسائل کو فوری طور پر حل کیا جائے۔ اجلاس میں کشمیر کی صورتحال پر بھی تفصیلی گفتگو ہوئی اور اقوام متحدہ سے مداخلت کا مطالبہ کیا گیا۔ پاکستان کی سینیٹ اور قومی اسمبلی کے اجلاس میں مختلف امور پر بحث ہوئی۔ حکومت کی جانب سے پیش کردہ بل پر ارکان نے اظہار خیال کیا اور متعدد تجاویز سامنے آئیں۔ وزیراعظم نے کہا کہ ملک کی ترقی اور عوام کی خوشحالی کے لیے تمام اداروں کو مل کر کام کرنا ہوگا۔ اپوزیشن جماعتوں نے حکومتی پالیسیوں پر تنقید کرتے ہوئے مطالبہ کیا کہ
پاکستان کی سینیٹ اور قومی اسمبلی کے اجلاس میں مختلف امور پر بحث ہوئی۔ حکومت کی جانب سے پیش کردہ بل پر ارکان نے اظہار خیال کیا اور متعدد تجاویز سامنے آئیں۔ وزیراعظم نے کہا کہ ملک کی ترقی اور عوام کی خوشحالی کے لیے تمام اداروں کو مل کر کام کرنا ہوگا۔ اپوزیشن جماعتوں نے حکومتی پالیسیوں پر تنقید کرتے ہوئے مطالبہ کیا کہ عوامی مسائل کو فوری طور پر حل کیا جائے۔ اجلاس میں کشمیر کی صورتحال پر بھی تفصیلی گفتگو ہوئی اور اقوام متحدہ سے مداخلت کا مطالبہ کیا گیا۔ پاکستان کی سینیٹ اور قومی اسمبلی کے اجلاس میں مختلف امور پر بحث ہوئی۔ حکومت کی جانب سے پیش کردہ بل پر ارکان نے اظہار خیال کیا اور متعدد تجاویز سامنے آئیں۔ وزیراعظم نے کہا کہ ملک کی ترقی اور عوام کی خوشحالی کے لیے تمام اداروں کو مل کر کام کرنا ہوگا۔ اپوزیشن جماعتوں نے حکومتی پالیسیوں پر تنقید کرتے ہوئے مطالبہ کیا کہ عوامی مسائل کو فوری طور پر حل کیا جائے۔ اجلاس میں کشمیر کی صورتحال پر بھی تفصیلی گفتگو ہوئی اور اقوام متحدہ س
25
ٹیکس ہدف
پاکستان کی سینیٹ اور قومی اسمبلی کے اجلاس میں مختلف امور پر بحث ہوئی۔ حکومت کی جانب سے پیش کردہ بل پر ارکان نے اظہار خیال کیا اور متعدد تجاویز سامنے آئیں۔ وزیراعظم نے کہا کہ ملک کی ترقی اور عوام کی خوشحالی کے لیے تمام اداروں کو مل کر کام کرنا ہوگا۔ اپوزیشن جماعتوں نے حکومتی پالیسیوں پر تنقید کرتے ہوئے مطالبہ کیا کہ عوامی مسائل کو فوری طور پر حل کیا جائے۔ اجلاس میں کشمیر کی صورتحال پر بھی تفصیلی گفتگو ہوئی اور اقوام متحدہ سے مداخلت کا مطالبہ کیا گیا۔ پاکستان کی سینیٹ اور قومی اسمبلی کے اجلاس میں مختلف امور پر بحث ہوئی۔ حکومت کی جانب سے پیش کردہ بل پر ارکان نے اظہار خیال کیا اور متعدد تجاویز سامنے آئیں۔ وزیراعظم نے کہا کہ ملک کی ترقی اور عوام کی خوشحالی کے لیے تمام اداروں کو مل کر کام کرنا ہوگا۔ اپوزیشن جماعتوں نے حکومتی پالیسیوں پر تنقید کرتے ہوئے مطالبہ کیا کہ عوامی مسائل کو فوری طور پر حل کیا جائے۔ اجلاس میں کشمیر کی صورتحال پر بھی تفصیلی گفتگو ہوئی اور اقوام متحدہ سے مداخلت کا مطالبہ کیا گیا۔ پاکستان کی سینیٹ اور قومی اسمبلی کے اجلاس میں مختلف امور پر بحث ہوئی۔ حکومت کی جانب سے پیش کردہ بل پر ارکان نے اظہار خیال کیا اور متعدد تجاویز سامنے آئیں۔ وزیراعظم نے کہا کہ ملک کی ترقی اور عوام کی خوشحالی کے لیے تمام اداروں کو مل کر کام کرنا ہوگا۔ اپوزیشن جماعتوں نے حکومتی پالیسیوں پر تنقید کرتے ہوئے مطالبہ کیا کہ عوامی مسائل کو فوری طور پر حل کیا جائے۔ اجلاس میں کشمیر کی صورتحال پر بھی تفصیلی گفتگو ہوئی اور اقوام متحدہ سے مداخلت کا مطالبہ کیا گیا۔ پاکستان کی سینیٹ اور قومی اسمبلی کے اجلاس میں مختلف امور پر بحث ہوئی
26
پابندی
پاکستان کی سینیٹ اور قومی اسمبلی کے اجلاس میں مختلف امور پر بحث ہوئی۔ حکومت کی جانب سے پیش کردہ بل پر ارکان نے اظہار خیال کیا اور متعدد تجاویز سامنے آئیں۔ وزیراعظم نے کہا کہ ملک کی ترقی اور عوام کی خوشحالی کے لیے تمام اداروں کو مل کر کام کرنا ہوگا۔ اپوزیشن جماعتوں نے حکومتی پالیسیوں پر تنقید کرتے ہوئے مطالبہ کیا کہ عوامی مسائل کو فوری طور پر حل کیا جائے۔ اجلاس میں کشمیر کی صورتحال پر بھی تفصیلی گفتگو ہوئی اور اقوام متحدہ سے مداخلت کا مطالبہ کیا گیا۔ پاکستان کی سینیٹ اور قومی اسمبلی کے اجلاس میں مختلف امور پر بحث ہوئی۔ حکومت کی جانب سے پیش کردہ بل پر ارکان نے اظہار خیال کیا اور متعدد تجاویز سامنے آئیں۔ وزیراعظم نے کہا کہ ملک کی ترقی اور عوام کی خوشحالی کے لیے تمام اداروں کو مل کر کام کرنا ہوگا۔ اپوزیشن جماعتوں نے حکومتی پالیسیوں پر تنقید کرتے ہوئے مطالبہ کیا کہ عوامی مسائل کو فوری طور پر حل کیا جائے۔ اجلاس میں کشمیر کی صورتحال پر بھی تفصیلی گفتگو ہوئی اور اقوام متحدہ سے مداخلت کا مطالبہ کیا گیا۔ پاکستان کی سینیٹ اور قومی اسمبلی کے اجلاس میں مختلف امور پر بحث ہوئی۔ حکومت کی جانب سے پیش کردہ بل پر ارکان نے اظہار خیال کیا اور متعدد تجاویز سامنے آئیں۔ وزیراعظم نے کہا کہ ملک کی ترقی اور عوام کی خوشحالی کے لیے تمام اداروں کو مل کر کام کرنا ہوگا۔ اپوزیشن جماعتوں نے حکومتی پالیسیوں پر تنقید کرتے ہوئے مطالبہ کیا کہ عوامی مسائل کو فوری طور پر حل کیا جائے۔ اجلاس میں کشمیر کی صورتحال پر بھی تفصیلی گفتگو ہوئی اور اقوام متحدہ سے مداخلت کا مطالبہ کیا گیا۔ پاکستان کی سینیٹ اور قومی اسمبلی کے اجلاس میں مختلف امور پر بحث ہوئی
27
خورشید شاہ
پاکستان کی سینیٹ اور قومی اسمبلی کے اجلاس میں مختلف امور پر بحث ہوئی۔ حکومت کی جانب سے پیش کردہ بل پر ارکان نے اظہار خیال کیا اور متعدد تجاویز سامنے آئیں۔ وزیراعظم نے کہا کہ ملک کی ترقی اور عوام کی خوشحالی کے لیے تمام اداروں کو مل کر کام کرنا ہوگا۔ اپوزیشن جماعتوں نے حکومتی پالیسیوں پر تنقید کرتے ہوئے مطالبہ کیا کہ عوامی مسائل کو فوری طور پر حل کیا جائے۔ اجلاس میں کشمیر کی صورتحال پر بھی تفصیلی گفتگو ہوئی اور اقوام متحدہ سے مداخلت کا مطالبہ کیا گیا۔ پاکستان کی سینیٹ اور قومی اسمبلی کے اجلاس میں مختلف امور پر بحث ہوئی۔ حکومت کی جانب سے پیش کردہ بل پر ارکان نے اظہار خیال کیا اور متعدد تجاویز سامنے آئیں۔ وزیراعظم نے کہا کہ ملک کی ترقی اور عوام کی خوشحالی کے لیے تمام اداروں کو مل کر کام کرنا ہوگا۔ اپوزیشن جماعتوں نے حکومتی پالیسیوں پر تنقید کرتے ہوئے مطالبہ کیا کہ عوامی مسائل کو فوری طور پر حل کیا جائے۔ اجلاس میں کشمیر کی صورتحال پر بھی تفصیلی گفتگو ہوئی اور اقوام متحدہ سے مداخلت کا مطالبہ کیا گیا۔ پاکستان کی سینیٹ اور قومی اسمبلی کے اجلاس میں مختلف امور پر بحث ہوئی۔ حکومت کی جانب سے پیش کردہ بل پر ارکان نے اظہار خیال کیا اور متعدد تجاویز سامنے آئیں۔ وزیراعظم نے کہا کہ ملک کی ترقی اور عوام کی خوشحالی کے لیے تمام اداروں کو مل کر کام کرنا ہوگا۔ اپوزیشن جماعتوں نے حکومتی پالیسیوں پر تنقید کرتے ہوئے مطالبہ کیا کہ عوامی مسائل کو فوری طور پر حل کیا جائے۔ اجلاس میں کشمیر کی صورتحال پر بھی تفصیلی گفتگو ہوئی اور اقوام متحدہ سے مداخلت کا مطالبہ کیا گیا۔ پاکستان کی سینیٹ اور قومی اسمبلی کے اجلاس میں مختلف امور پر بحث ہوئی۔ حکومت کی جانب سے پیش کردہ بل پر ارکان نے اظہار خیال کیا اور متعدد تجاویز سامنے آئیں۔ وزیراعظم نے کہا کہ ملک کی ترقی اور عوام کی خوشحالی کے لیے تمام اداروں کو مل کر کام کرنا ہوگا۔ اپوزیشن جماعتوں نے حکومتی پالیسیوں پر ت
پاکستان کی سینیٹ اور قومی اسمبلی کے اجلاس میں مختلف امور پر بحث ہوئی۔ حکومت کی جانب سے پیش کردہ بل پر ارکان نے اظہار خیال کیا اور متعدد تجاویز سامنے آئیں۔ وزیراعظم نے کہا کہ ملک کی ترقی اور عوام کی خوشحالی کے لیے تمام اداروں کو مل کر کام کرنا ہوگا۔ اپوزیشن جماعتوں نے حکومتی پالیسیوں پر تنقید کرتے ہوئے مطالبہ کیا کہ عوامی مسائل کو فوری طور پر حل کیا جائے۔ اجلاس میں کشمیر کی صورتحال پر بھی تفصیلی گفتگو ہوئی اور اقوام متحدہ سے مداخلت کا مطالبہ کیا گیا۔ پاکستان کی سینیٹ اور قومی اسمبلی کے اجلاس میں مختلف امور پر بحث ہوئی۔ حکومت کی جانب سے پیش کردہ
28
بھارتی اعلان
پاکستان کی سینیٹ اور قومی اسمبلی کے اجلاس میں مختلف امور پر بحث ہوئی۔ حکومت کی جانب سے پیش کردہ بل پر ارکان نے اظہار خیال کیا اور متعدد تجاویز سامنے آئیں۔ وزیراعظم نے کہا کہ ملک کی ترقی اور عوام کی خوشحالی کے لیے تمام اداروں کو مل کر کام کرنا ہوگا۔ اپوزیشن جماعتوں نے حکومتی پالیسیوں پر تنقید کرتے ہوئے مطالبہ کیا کہ عوامی مسائل کو فوری طور پر حل کیا جائے۔ اجلاس میں کشمیر کی صورتحال پر بھی تفصیلی گفتگو ہوئی اور اقوام متحدہ سے مداخلت کا مطالبہ کیا گیا۔ پاکستان کی سینیٹ اور قومی اسمبلی کے اجلاس میں مختلف امور پر بحث ہوئی۔ حکومت کی جانب سے پیش کردہ بل پر ارکان نے اظہار خیال کیا اور متعدد تجاویز سامنے آئیں۔ وزیراعظم نے کہا کہ ملک کی ترقی اور عوام کی خوشحالی کے لیے تمام اداروں کو مل کر کام کرنا ہوگا۔ اپوزیشن جماعتوں نے حکومتی پالیسیوں پر تنقید کرتے ہوئے مطالبہ کیا کہ عوامی مسائل کو فوری طور پر حل کیا جائے۔ اجلاس میں کشمیر کی صورتحال پر بھی تفصیلی گفتگو ہوئی اور اقوام متحدہ س
29
نواز شریف
پاکستان کی سینیٹ اور قومی اسمبلی کے اجلاس میں مختلف امور پر بحث ہوئی۔ حکومت کی جانب سے پیش کردہ بل پر ارکان نے اظہار خیال کیا اور متعدد تجاویز سامنے آئیں۔ وزیراعظم نے کہا کہ ملک کی ترقی اور عوام کی خوشحالی کے لیے تمام اداروں کو مل کر کام کرنا ہوگا۔ اپوزیشن جماعتوں نے حکومتی پالیسیوں پر تنقید کرتے ہوئے مطالبہ کیا کہ عوامی مسائل کو فوری طور پر حل کیا جائے۔ اجلاس میں کشمیر کی صورتحال پر بھی تفصیلی گفتگو ہوئی اور اقوام متحدہ سے مداخلت کا مطالبہ کیا گیا۔ پاکستان کی سینیٹ اور قومی اسمبلی کے اجلاس میں مختلف امور پر بحث ہوئی۔ حکومت کی جانب سے پیش کردہ بل پر ارکان نے اظہار خیال کیا اور متعدد تجاویز سامنے آئیں۔ وزیراعظم نے کہا کہ ملک کی ترقی اور عوام کی خوشحالی کے لیے تمام اداروں کو مل کر کام کرنا ہوگا۔ اپوزیشن جماعتوں نے حکومتی پالیسیوں پر تنقید کرتے ہوئے مطالبہ کیا کہ
30
چینی صاحب
پاکستان کی سینیٹ اور قومی اسمبلی کے اجلاس میں مختلف امور پر بحث ہوئی۔ حکومت کی جانب سے پیش کردہ بل پر ارکان نے اظہار خیال کیا اور متعدد تجاویز سامنے آئیں۔ وزیراعظم نے کہا کہ ملک کی ترقی اور عوام کی خوشحالی کے لیے تمام اداروں کو مل کر کام کرنا ہوگا۔ اپوزیشن جماعتوں نے حکومتی پالیسیوں پر تنقید کرتے ہوئے مطالبہ کیا کہ عوامی مسائل کو فوری طور پر حل کیا جائے۔ اجلاس میں کشمیر کی صورتحال پر بھی تفصیلی گفتگو ہوئی اور اقوام متحدہ سے مداخلت کا مطالبہ کیا گیا۔ پاکستان کی سینیٹ اور قومی اسمبلی کے اجلاس میں مختلف امور پر بحث ہوئی۔ حکومت کی جانب سے پیش کردہ
31
پیپلز پارٹی رہنما
پاکستان کی سینیٹ اور قومی اسمبلی کے اجلاس میں مختلف امور پر بحث ہوئی۔ حکومت کی جانب سے پیش کردہ بل پر ارکان نے اظہار خیال کیا اور متعدد تجاویز سامنے آئیں۔ وزیراعظم نے کہا کہ ملک کی ترقی اور عوام کی خوشحالی کے لیے تمام اداروں کو مل کر کام کرنا ہوگا۔ اپوزیشن جماعتوں نے حکومتی پالیسیوں پر تنقید کرتے ہوئے مطالبہ کیا کہ عوامی مسائل کو فوری طور پر حل کیا جائے۔ اجلاس میں کشمیر کی صورتحال پر بھی تفصیلی گفتگو ہوئی اور اقوام متحدہ سے مداخلت کا مطالبہ کیا گیا۔ پاکستان کی سینیٹ اور قومی اسمبلی کے اجلاس میں مختلف امور پر بحث ہوئی۔ حکومت کی جانب سے پیش کردہ بل پر ارکان نے اظہار خیال کیا اور متعدد تجاویز سامنے آئیں۔ وزیراعظم نے کہا کہ ملک کی ترقی اور عوام کی خوشحالی کے لیے تمام اداروں کو مل کر کام کرنا ہوگا۔ اپوزیشن جماعتوں نے حکومتی پالیسیوں پر تنقید کرتے ہوئے مطالبہ کیا کہ عوامی مسائل کو فوری طور پر حل کیا جائے۔ اجلاس میں کشمیر کی صورتحال پر بھی تفصیلی گفتگو ہوئی اور اقوام متحدہ سے مداخلت کا مطالبہ کیا گیا۔ پاکستان کی سینیٹ اور قومی اسمبلی کے اجلاس میں مختلف امور پر بحث ہوئی۔ حکومت کی جانب سے پیش کردہ بل پر ارکان نے اظہار خیال کیا اور متعدد تجاویز سامنے آئیں۔ وزیراعظم نے کہا کہ ملک کی ترقی اور عو
32
فردوس عاشق اعوان
پاکستان کی سینیٹ اور قومی اسمبلی کے اجلاس میں مختلف امور پر بحث ہوئی۔ حکومت کی جانب سے پیش کردہ بل پر ارکان نے اظہار خیال کیا اور متعدد تجاویز سامنے آئیں۔ وزیراعظم نے کہا کہ ملک کی ترقی اور عوام کی خوشحالی کے لیے تمام اداروں کو مل کر کام کرنا ہوگا۔ اپوزیشن جماعتوں نے حکومتی پالیسیوں پر تنقید کرتے ہوئے مطالبہ کیا کہ عوامی مسائل کو فوری طور پر حل کیا جائے۔ اجلاس میں کشمیر کی صورتحال پر بھی تفصیلی گفتگو ہوئی اور اقوام متحدہ سے مداخلت کا مطالبہ کیا گیا۔ پاکستان کی سینیٹ اور قومی اسمبلی کے اجلاس میں مختلف امور پر بحث ہوئی۔ حکومت کی جانب سے پیش کردہ بل پر ارکان نے اظہار خیال کیا اور متعدد تجاویز سامنے آئیں۔ وزیراعظم نے کہا کہ ملک کی ترقی اور عوام کی خوشحالی کے لیے تمام اداروں کو مل کر کام کرنا ہوگا۔ اپوزیشن جماعتوں نے حکومتی پالیسیوں پر تنقید کرتے ہوئے مطالبہ کیا کہ عوامی مسائل کو فوری طور پر حل کیا جائے۔ اجلاس میں کشمیر کی صورتحال پر بھی تفصیلی گفتگو ہوئی اور اقوام متحدہ سے مداخلت کا مطالبہ کیا گیا۔ پاکستان کی سینیٹ اور قومی اسمبلی کے اجلاس میں مختلف امور پر بحث ہوئی۔ حکومت کی جانب سے پیش کردہ بل پر ارکان نے اظہار خیال کیا اور متعدد تجاویز سامنے آئیں۔ وزیراعظم نے کہا کہ ملک کی ترقی اور عوام کی خوشحالی کے لیے تمام اداروں کو مل کر کام کرنا ہوگا۔ اپوزیشن جماعتوں نے حکومتی پالیسیوں پر تنقید کرتے ہوئے مطالبہ کیا کہ عوامی مسائل کو فوری طور پر حل کیا جائے۔ اجلاس میں کشمیر کی صورتحال پر بھی تفصیلی گفتگو ہوئی اور اقوام متحدہ سے مداخلت کا مطالبہ کیا گیا۔ پاکستان کی سینیٹ اور قومی اسمبلی کے اجلاس میں مختلف امور پر بحث ہوئی۔ حکومت کی جانب سے پیش کردہ بل پر ارکان نے اظہار خیال کیا اور متعدد تجاویز سامنے آئیں۔ وزیراعظم نے کہا کہ ملک
پاکستان کی سینیٹ اور قومی اسمبلی کے اجلاس میں مختلف امور پر بحث ہوئی۔ حکومت کی جانب سے پیش کردہ بل پر ارکان نے اظہار خیال کیا اور متعدد تجاویز سامنے آئیں۔ وزیراعظم نے کہا کہ ملک کی ترقی اور عوام کی خوشحالی کے لیے تمام اداروں کو مل کر کام کرنا ہوگا۔ اپوزیشن جماعتوں نے حکومتی پالیسیوں پر تنقید کرتے ہوئے مطالبہ کیا کہ عوامی مسائل کو فوری طور پر حل کیا جائے۔ اجلاس میں کشمیر کی صورتحال پر بھی تفصیلی گفتگو ہوئی اور اقوام متحدہ سے مداخلت کا مطالبہ کیا گیا۔ پاکستان کی سینیٹ اور قومی اسمبلی کے اجلاس میں مختلف امور پر بحث ہوئی۔ حکومت کی جانب سے پیش کردہ بل پر ارکان نے اظہار خیال کیا اور متعدد تجاویز سامنے آئیں۔ وزیراعظم نے کہا کہ ملک کی ترقی اور عوام کی خوشحالی کے لیے تمام اداروں کو مل کر کام کرنا ہوگا۔ اپوزیشن جماعتوں نے حکومتی پالیسیوں پر تنقید کرتے ہوئے مطالبہ کیا کہ عوامی مسائل کو فوری طور پر حل کیا جائے۔ اجلاس میں کشمیر کی صورتحال پر بھی تفصیلی گفتگو ہوئی اور اقوام متحدہ سے مداخلت کا مطالبہ کیا گیا۔ پاکستان کی سینیٹ اور قومی اسمبلی کے اجلاس میں مختلف امور پر بحث ہوئی۔ حکومت کی جانب سے پیش کردہ بل پر ارکان نے اظہار خیال کیا اور متعدد تجاویز سامنے آئیں۔ وزیراعظم نے کہا کہ ملک کی ترقی اور عو
33
IMF
پاکستان کی سینیٹ اور قومی اسمبلی کے اجلاس میں مختلف امور پر بحث ہوئی۔ حکومت کی جانب سے پیش کردہ بل پر ارکان نے اظہار خیال کیا اور متعدد تجاویز سامنے آئیں۔ وزیراعظم نے کہا کہ ملک کی ترقی اور عوام کی خوشحالی کے لیے تمام اداروں کو مل کر کام کرنا ہوگا۔ اپوزیشن جماعتوں نے حکومتی پالیسیوں پر تنقید کرتے ہوئے مطالبہ کیا کہ عوامی مسائل کو فوری طور پر حل کیا جائے۔ اجلاس میں کشمیر کی صورتحال پر بھی تفصیلی گفتگو ہوئی اور اقوام متحدہ سے مداخلت کا مطالبہ کیا گیا۔ پاکستان کی سینیٹ اور قومی اسمبلی کے اجلاس میں مختلف امور پر بحث ہوئی۔ حکومت کی جانب سے پیش کردہ بل پر ارکان نے اظہار خیال کیا اور متعدد تجاویز سامنے آئیں۔ وزیراعظم نے کہا کہ ملک کی ترقی اور عوام کی خوشحالی کے لیے تمام اداروں کو مل کر کام کرنا ہوگا۔ اپوزیشن جماعتوں نے حکومتی پالیسیوں پر تنقید کرتے ہوئے مطالبہ کیا کہ عوامی مسائل کو فوری طور پر حل کیا جائے۔ اجلاس میں کشمیر کی صورتحال پر بھی تفصیلی گفتگو ہوئی اور اقوام متحدہ سے مداخلت کا مطالبہ کیا گیا۔ پاکستان کی سینیٹ اور قومی اسمبلی کے اجلاس میں مختلف امور پر بحث ہوئی۔ حکومت کی جان
34
پرویز الٰہی
پاکستان کی سینیٹ اور قومی اسمبلی کے اجلاس میں مختلف امور پر بحث ہوئی۔ حکومت کی جانب سے پیش کردہ بل پر ارکان نے اظہار خیال کیا اور متعدد تجاویز سامنے آئیں۔ وزیراعظم نے کہا کہ ملک کی ترقی اور عوام کی خوشحالی کے لیے تمام اداروں کو مل کر کام کرنا ہوگا۔ اپوزیشن جماعتوں نے حکومتی پالیسیوں پر تنقید کرتے ہوئے مطالبہ کیا کہ عوامی مسائل کو فوری طور پر حل کیا جائے۔ اجلاس میں کشمیر کی صورتحال پر بھی تفصیلی گفتگو ہوئی اور اقوام متحدہ سے مداخلت کا مطالبہ کیا گیا۔ پاکستان کی سینیٹ اور قومی اسمبلی کے اجلاس میں مختلف امور پر بحث ہوئی۔ حکومت کی جانب سے پیش کردہ
35
کپاس خریداری
پاکستان کی سینیٹ اور قومی اسمبلی کے اجلاس میں مختلف امور پر بحث ہوئی۔ حکومت کی جانب سے پیش کردہ بل پر ارکان نے اظہار خیال کیا اور متعدد تجاویز سامنے آئیں۔ وزیراعظم نے کہا کہ ملک کی ترقی اور عوام کی خوشحالی کے لیے تمام اداروں کو مل کر کام کرنا ہوگا۔ اپوزیشن جماعتوں نے حکومتی پالیسیوں پر تنقید کرتے ہوئے مطالبہ کیا کہ عوامی مسائل کو فوری طور پر حل کیا جائے۔ اجلاس میں کشمیر کی صورتحال پر بھی تفصیلی گفتگو ہوئی اور اقوام متحدہ سے مداخلت کا مطالبہ کیا گیا۔ پاکستان کی سینیٹ اور قومی اسمبلی کے اجلاس میں مختلف امور پر بحث ہوئی۔ حکومت کی جانب سے پیش کردہ بل پر ارکان نے اظہار خیال کیا اور متعدد تجاویز سامنے آئیں۔ وزیراعظم نے کہا کہ ملک کی ترقی اور عوام کی خوشحالی
36
جسٹس امین الدین
پاکستان کی سینیٹ اور قومی اسمبلی کے اجلاس میں مختلف امور پر بحث ہوئی۔ حکومت کی جانب سے پیش کردہ بل پر ارکان نے اظہار خیال کیا اور متعدد تجاویز سامنے آئیں۔ وزیراعظم نے کہا کہ ملک کی ترقی اور عوام کی خوشحالی کے لیے تمام اداروں کو مل کر کام کرنا ہوگا۔ اپوزیشن جماعتوں نے حکومتی پالیسیوں پر تنقید کرتے ہوئے مطالبہ کیا کہ عوامی مسائل کو فوری طور پر حل کیا جائے۔ اجلاس میں کشمیر کی صورتحال پر بھی تفصیلی گفتگو ہوئی اور اقوام متحدہ سے مداخلت کا مطالبہ کیا گیا۔ پاکستان کی سینیٹ اور قومی اسمبلی کے اجلاس میں مختلف امور پر بحث ہوئی۔ حکومت کی جانب سے پیش کردہ بل پر ارکان نے اظہار خیال کیا اور متعدد تجاویز سامنے آئیں۔ وزیراعظم نے کہا کہ ملک کی ترقی اور عوام کی خوشحالی کے لیے تمام اداروں کو مل کر کام کرنا ہوگا۔ اپوزیشن جماعتوں نے حکومتی پالیسیوں پر تنقید کرتے ہوئے مطالبہ کیا کہ عوامی مسائل کو فوری طور پر حل کیا جائے۔ اجلاس میں کشمیر کی صورتحال پر بھی تفصیلی گفتگو ہوئی اور اقوام متحدہ سے مداخلت کا مطالبہ کیا گیا۔ پاکستان کی سینیٹ اور قومی اسمبلی کے اجلاس میں مختلف امور پر بحث ہوئی۔ حکومت کی جان
37
قومی اعلان
پاکستان کی سینیٹ اور قومی اسمبلی کے اجلاس میں مختلف امور پر بحث ہوئی۔ حکومت کی جانب سے پیش کردہ بل پر ارکان نے اظہار خیال کیا اور متعدد تجاویز سامنے آئیں۔ وزیراعظم نے کہا کہ ملک کی ترقی اور عوام کی خوشحالی کے لیے تمام اداروں کو مل کر کام کرنا ہوگا۔ اپوزیشن جماعتوں نے حکومتی پالیسیوں پر تنقید کرتے ہوئے مطالبہ کیا کہ عوامی مسائل کو فوری طور پر حل کیا جائے۔ اجلاس میں کشمیر کی صورتحال پر بھی تفصیلی گفتگو ہوئی اور اقوام متحدہ سے مداخلت کا مطالبہ کیا گیا۔ پاکستان کی سینیٹ اور قومی اسمبلی کے اجلاس میں مختلف امور پر بحث ہوئی۔ حکومت کی جانب سے پیش کردہ
38
وزیر اعلیٰ سندھ
پاکستان کی سینیٹ اور قومی اسمبلی کے اجلاس میں مختلف امور پر بحث ہوئی۔ حکومت کی جانب سے پیش کردہ بل پر ارکان نے اظہار خیال کیا اور متعدد تجاویز سامنے آئیں۔ وزیراعظم نے کہا کہ ملک کی ترقی اور عوام کی خوشحالی کے لیے تمام اداروں کو مل کر کام کرنا ہوگا۔ اپوزیشن جماعتوں نے حکومتی پالیسیوں پر تنقید کرتے ہوئے مطالبہ کیا کہ عوامی مسائل کو فوری طور پر حل کیا جائے۔ اجلاس میں کشمیر کی صورتحال پر بھی تفصیلی گفتگو ہوئی اور اقوام متحدہ سے مداخلت کا مط
39
قومی اسمبلی
پاکستان کی سینیٹ اور قومی اسمبلی کے اجلاس میں مختلف امور پر بحث ہوئی۔ حکومت کی جانب سے پیش کردہ بل پر ارکان نے اظہار خیال کیا اور متعدد تجاویز سامنے آئیں۔ وزیراعظم نے کہا کہ ملک کی ترقی اور عوام کی خوشحالی کے لیے تمام اداروں کو مل کر کام کرنا ہوگا۔ اپوزیشن جماعتوں نے حکومتی پالیسیوں پر تنقید کرتے ہوئے مطالبہ کیا کہ عوامی مسائل ک
پاکستان کی سینیٹ اور قومی اسمبلی کے اجلاس میں مختلف امور پر بحث ہوئی۔ حکومت کی جانب سے پیش کردہ بل پر ارکان نے اظہار خیال کیا اور متعدد تجاویز سامنے آئیں۔ وزیراعظم نے کہا کہ ملک کی ترقی اور عوام کی خوشحالی کے لیے تمام اداروں کو مل کر کام کرنا ہوگا۔ اپوزیشن جماعتوں نے حکومتی پالیسیوں پر تنقید کرتے ہوئے مطالبہ کیا کہ عوامی مسائل کو فوری طور پر حل کیا جائے۔ اجلاس میں کشمیر کی صورتحال پر بھی تفصیلی گفتگو ہوئی اور اقوام متحدہ سے مداخلت کا مطالبہ کیا گیا۔ پاکستان کی سینیٹ اور قومی اسمبلی کے اجلاس میں مختلف امور پر بحث ہوئی۔ حکومت کی جانب سے پیش کردہ بل پر ارکان نے اظہار خیال کیا اور متعدد تجاویز سامنے آئیں۔ وزیراعظم نے کہا کہ ملک کی ترقی اور عوام کی خوشحالی کے لیے تمام اداروں کو مل کر کام کرنا ہوگا۔ اپوزیشن جماعتوں نے حکومتی پالیسیوں پر تنقید کرتے ہوئے مطالبہ کیا کہ عوامی مسائل کو فوری طور پر حل کیا جائے۔ اجلاس میں کشمیر کی صورتحال پر بھی تفصیلی گفتگو ہوئی اور اقوام متحدہ سے مداخلت کا مطالبہ کیا گیا۔ پاکستان کی سینیٹ اور قومی اسمبلی کے اجلاس میں مختلف امور پر بحث ہوئی۔ حکومت کی جانب سے پیش کردہ بل پر ارکان نے اظہار خیال کیا اور متعدد تجاویز سامنے آئیں۔ وزیراعظم نے کہا کہ ملک کی ترقی اور عوام کی خوشحالی کے لیے تمام اداروں کو مل کر کام کرنا ہوگا۔ اپوزیشن جماعتوں نے حکومتی پالیسیوں پر تنقید کرتے ہوئے مطالبہ کیا کہ عوامی مسائل کو فوری طور پر حل کیا جائے۔ اجلاس میں کشمیر کی صورتحال پر بھی تفصیلی گفتگو ہوئی اور اقوام متحدہ سے مداخلت کا مطالبہ کیا گیا۔ پاکستان کی سینیٹ اور قومی اسمبلی کے اجلاس میں مختلف امور پر بحث ہوئی
40
خصوصی طیارہ
پاکستان کی سینیٹ اور قومی اسمبلی کے اجلاس میں مختلف امور پر بحث ہوئی۔ حکومت کی جانب سے پیش کردہ بل پر ارکان نے اظہار خیال کیا اور متعدد تجاویز سامنے آئیں۔ وزیراعظم نے کہا کہ ملک کی ترقی اور عوام کی خوشحالی کے لیے تمام اداروں کو مل کر کام کرنا ہوگا۔ اپوزیشن جماعتوں نے حکومتی پالیسیوں پر تنقید کرتے ہوئے مطالبہ کیا کہ عوامی مسائل کو فوری طور پر حل کیا جائے۔ اجلاس میں کشمیر کی صورتحال پر بھی تفصیلی گفتگو ہوئی اور اقوام متحدہ سے مداخلت کا مطالبہ کیا گیا۔ پاکستان کی سینیٹ اور قومی اسمبلی کے اجلاس میں مختلف امور پر بحث ہوئی۔ حکومت کی جانب سے پیش کردہ
41
مقدمات
پاکستان کی سینیٹ اور قومی اسمبلی کے اجلاس میں مختلف امور پر بحث ہوئی۔ حکومت کی جانب سے پیش کردہ بل پر ارکان نے اظہار خیال کیا اور متعدد تجاویز سامنے آئیں۔ وزیراعظم نے کہا کہ ملک کی ترقی اور عوام کی خوشحالی کے لیے تمام اد
42
زرعی پیکج
پاکستان کی سینیٹ اور قومی اسمبلی کے اجلاس میں مختلف امور پر بحث ہوئی۔ حکومت کی جانب سے پیش کردہ بل پر ارکان نے اظہار خیال کیا اور متعدد تجاویز سامنے آئیں۔ وزیراعظم نے کہا کہ ملک کی ترقی اور عوام کی خوشحالی کے لیے تمام اداروں کو مل کر کام کرنا ہوگا۔ اپوزیشن جماعتوں نے حکومتی پالیسیوں پر تنقید کرتے ہوئے مطالبہ کیا کہ عوامی مسائل کو فوری طور پر حل کیا جائے۔ اجلاس میں کشمیر کی صورتحال پر بھی تفصیلی گفتگو ہوئی اور اقوام متحدہ سے مداخلت کا مطالبہ کیا گیا۔ پاکستان کی سینیٹ اور قومی اسمبلی کے اجلاس میں مختلف امور پر بحث ہوئی۔ حکومت کی جانب سے پیش کردہ
43
ٹیکس
پاکستان کی سینیٹ اور قومی اسمبلی کے اجلاس میں مختلف امور پر بحث ہوئی۔ حکومت کی جانب سے پیش کردہ بل پر ارکان نے اظہار خیال کیا اور متعدد تجاویز سامنے آئیں۔ وزیراعظم نے کہا کہ ملک کی ترقی اور عوام کی خوشحالی کے لیے تمام اداروں کو مل کر کام کرنا ہوگا۔ اپوزیشن جماعتوں نے حکومتی پالیسیوں پر تنقید کرتے ہوئے مطالبہ کیا کہ عوامی مسائل کو فوری طور پر حل کیا جائے۔ اجلاس میں کشمیر کی صورتحال پر بھی تفصیلی گفتگو ہوئی اور اقوام متحدہ سے مداخلت کا مطالبہ کیا گیا۔ پاکستان کی سینیٹ اور قومی اسمبلی کے اجلاس میں مختلف امور پر بحث ہوئی۔ حکومت کی جانب سے پیش کردہ بل پر ارکان نے اظہار خیال کیا اور متعدد تجاویز سامنے آئیں۔ وزیراعظم نے کہا کہ ملک کی ترقی اور عوام کی خوشحالی کے لیے تمام اداروں کو مل کر کام کرنا ہوگا۔ اپوزیشن جماعتوں نے حکومتی پالیسیوں پر تنقید کرتے ہوئے مطالبہ کیا کہ
44
CPNE
پاکستان کی سینیٹ اور قومی اسمبلی کے اجلاس میں مختلف امور پر بحث ہوئی۔ حکومت کی جانب سے پیش کردہ بل پر ارکان نے اظہار خیال کیا اور متعدد تجاویز سامنے آئیں۔ وزیراعظم نے کہا کہ ملک کی ترقی اور عوام کی خوشحالی کے لیے تمام اداروں کو مل کر کام کرنا ہوگا۔ اپوزیشن جماعتوں نے حکومتی پالیسیوں پر تنقید کرتے ہوئے مطالبہ کیا کہ عوامی مسائل کو فوری طور پر حل کیا جائے۔ اجلاس میں کشمیر کی صورتحال پر بھی تفصیلی گفتگو ہوئی اور اقوام متحدہ سے مداخلت کا مطالبہ کیا گیا۔ پاکستان کی سینیٹ اور قومی اسمبلی کے اجلاس میں مختلف امور پر بحث ہوئی۔ حکومت کی جانب سے پیش کردہ بل پر ارکان نے اظہار خیال کیا اور متعدد تجاویز سامنے آئیں۔ وزیراعظم نے کہا کہ ملک کی ترقی اور عوام کی خوشحالی کے لیے تمام اداروں کو مل کر کام کرنا ہوگا۔ اپوزیشن جماعتوں نے حکومتی پالیسیوں پر تنقید کرتے ہوئے مطالبہ کیا کہ عوامی مسائل کو فوری طور پر حل کیا جائے۔ اجلاس میں کشمیر کی صورتحال پر بھی تفصیلی گفتگو ہوئی اور اقوام متحدہ سے مداخلت کا مطالبہ کیا گیا۔ پاکستان کی سینیٹ اور قومی اسمبلی کے اجلاس میں مختلف امور پر بحث ہوئی۔ حکومت کی جانب سے پیش کردہ بل پر ارکان نے اظہار خیال کیا اور متعدد تجاویز سامنے آئیں۔ وزیراعظم نے کہا کہ ملک کی ترقی اور عوام کی خوشحالی کے لیے تمام اداروں کو مل کر کام کرنا ہوگا۔ اپوزیشن جماعتوں نے حکومتی پالیسیوں پر تنقید کرتے ہوئے مطالبہ کیا کہ عوامی مسائل کو فوری طور پر حل کیا جائے۔ اجلاس میں کشمیر کی صورتحال پر بھی تفصیلی گفتگو ہوئی اور اقوام متحدہ سے مداخلت کا مطالبہ کیا گیا۔ پاکستان کی سینیٹ اور قومی اسمبلی کے اجلاس میں مختلف امور پر بحث ہوئی۔ حکومت کی جانب سے پیش کردہ بل پر ارکان نے اظہار خیال کیا اور متعدد تجاویز سامنے آئیں۔ وزیراعظم نے کہا کہ ملک کی ترقی اور عوام کی خوشحالی کے لیے تمام اداروں کو مل کر کام کرنا ہوگا۔ اپوزیشن جماعتوں نے حکومتی پالیسیوں پر ت
